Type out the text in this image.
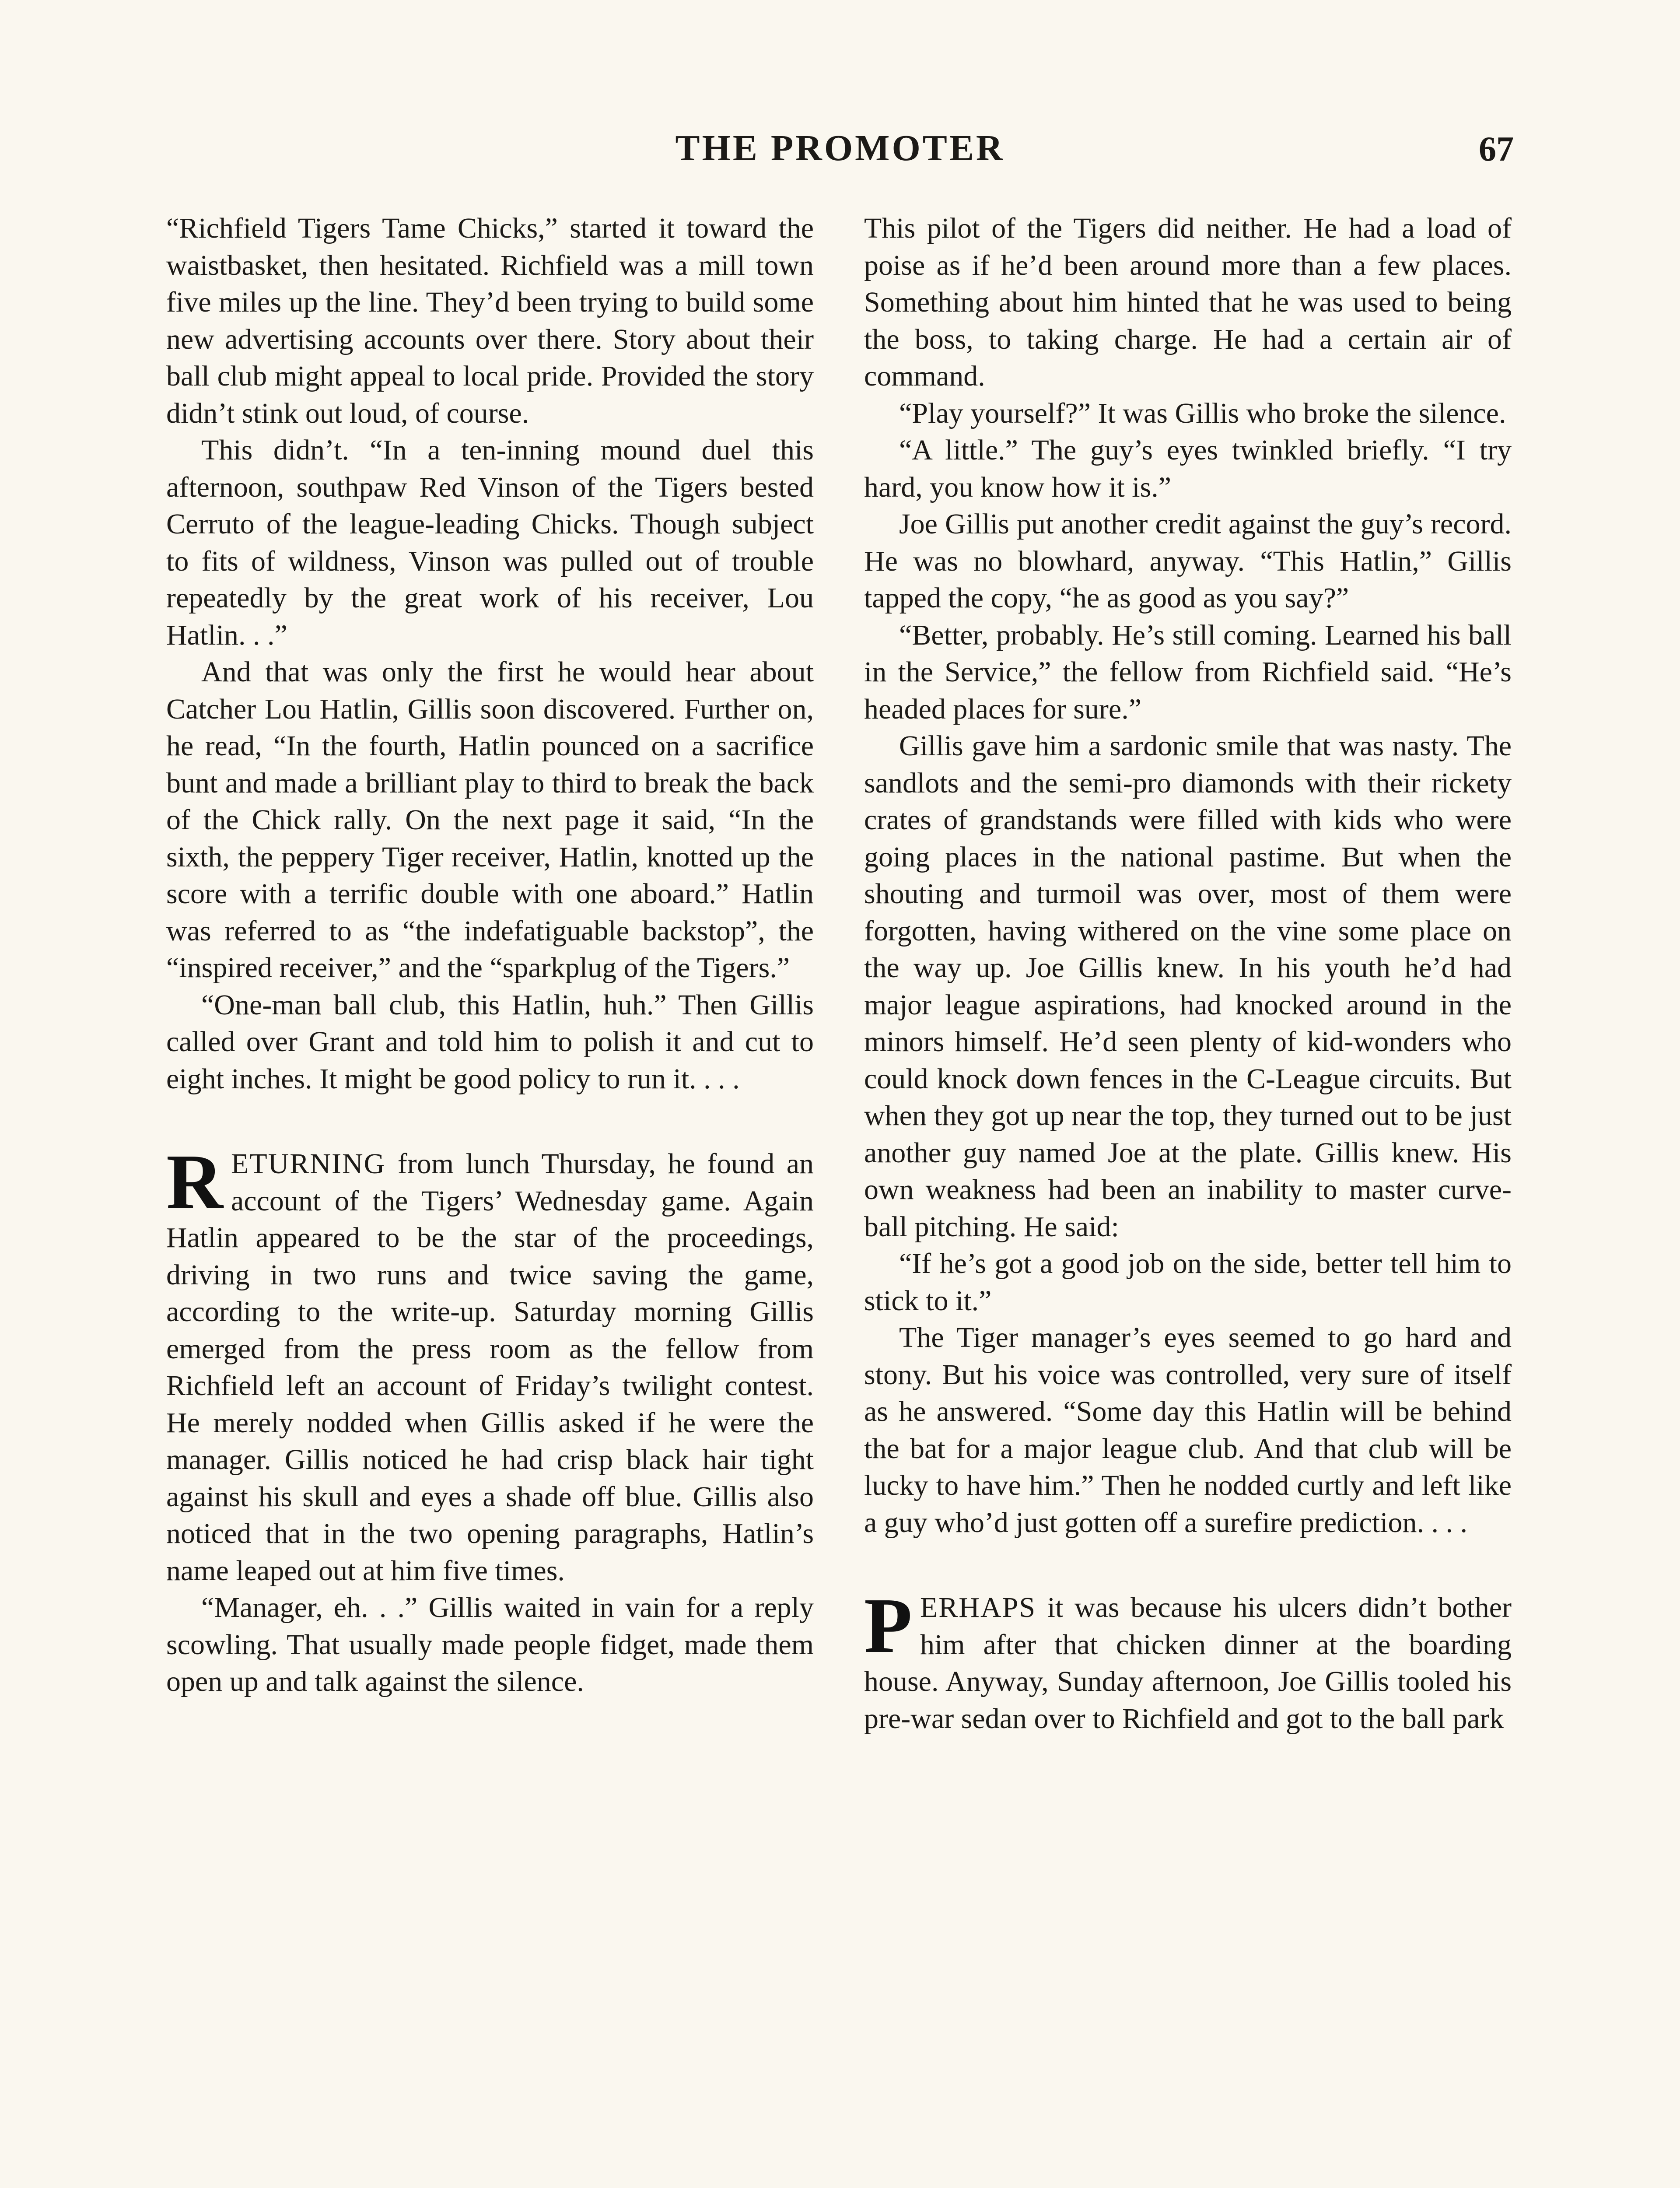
THE PROMOTER	67

“Richfield Tigers Tame Chicks,” started it toward the waistbasket, then hesitated. Richfield was a mill town five miles up the line. They’d been trying to build some new advertising accounts over there. Story about their ball club might appeal to local pride. Provided the story didn’t stink out loud, of course.

This didn’t. “In a ten-inning mound duel this afternoon, southpaw Red Vinson of the Tigers bested Cerruto of the league-leading Chicks. Though subject to fits of wildness, Vinson was pulled out of trouble repeatedly by the great work of his receiver, Lou Hatlin. . .”

And that was only the first he would hear about Catcher Lou Hatlin, Gillis soon discovered. Further on, he read, “In the fourth, Hatlin pounced on a sacrifice bunt and made a brilliant play to third to break the back of the Chick rally. On the next page it said, “In the sixth, the peppery Tiger receiver, Hatlin, knotted up the score with a terrific double with one aboard.” Hatlin was referred to as “the indefatiguable backstop”, the “inspired receiver,” and the “sparkplug of the Tigers.”

“One-man ball club, this Hatlin, huh.” Then Gillis called over Grant and told him to polish it and cut to eight inches. It might be good policy to run it. . . .

RETURNING from lunch Thursday, he found an account of the Tigers’ Wednesday game. Again Hatlin appeared to be the star of the proceedings, driving in two runs and twice saving the game, according to the write-up. Saturday morning Gillis emerged from the press room as the fellow from Richfield left an account of Friday’s twilight contest. He merely nodded when Gillis asked if he were the manager. Gillis noticed he had crisp black hair tight against his skull and eyes a shade off blue. Gillis also noticed that in the two opening paragraphs, Hatlin’s name leaped out at him five times.

“Manager, eh. . .” Gillis waited in vain for a reply scowling. That usually made people fidget, made them open up and talk against the silence.

This pilot of the Tigers did neither. He had a load of poise as if he’d been around more than a few places. Something about him hinted that he was used to being the boss, to taking charge. He had a certain air of command.

“Play yourself?” It was Gillis who broke the silence.

“A little.” The guy’s eyes twinkled briefly. “I try hard, you know how it is.”

Joe Gillis put another credit against the guy’s record. He was no blowhard, anyway. “This Hatlin,” Gillis tapped the copy, “he as good as you say?”

“Better, probably. He’s still coming. Learned his ball in the Service,” the fellow from Richfield said. “He’s headed places for sure.”

Gillis gave him a sardonic smile that was nasty. The sandlots and the semi-pro diamonds with their rickety crates of grandstands were filled with kids who were going places in the national pastime. But when the shouting and turmoil was over, most of them were forgotten, having withered on the vine some place on the way up. Joe Gillis knew. In his youth he’d had major league aspirations, had knocked around in the minors himself. He’d seen plenty of kid-wonders who could knock down fences in the C-League circuits. But when they got up near the top, they turned out to be just another guy named Joe at the plate. Gillis knew. His own weakness had been an inability to master curve-ball pitching. He said:

“If he’s got a good job on the side, better tell him to stick to it.”

The Tiger manager’s eyes seemed to go hard and stony. But his voice was controlled, very sure of itself as he answered. “Some day this Hatlin will be behind the bat for a major league club. And that club will be lucky to have him.” Then he nodded curtly and left like a guy who’d just gotten off a surefire prediction. . . .

PERHAPS it was because his ulcers didn’t bother him after that chicken dinner at the boarding house. Anyway, Sunday afternoon, Joe Gillis tooled his pre-war sedan over to Richfield and got to the ball park
